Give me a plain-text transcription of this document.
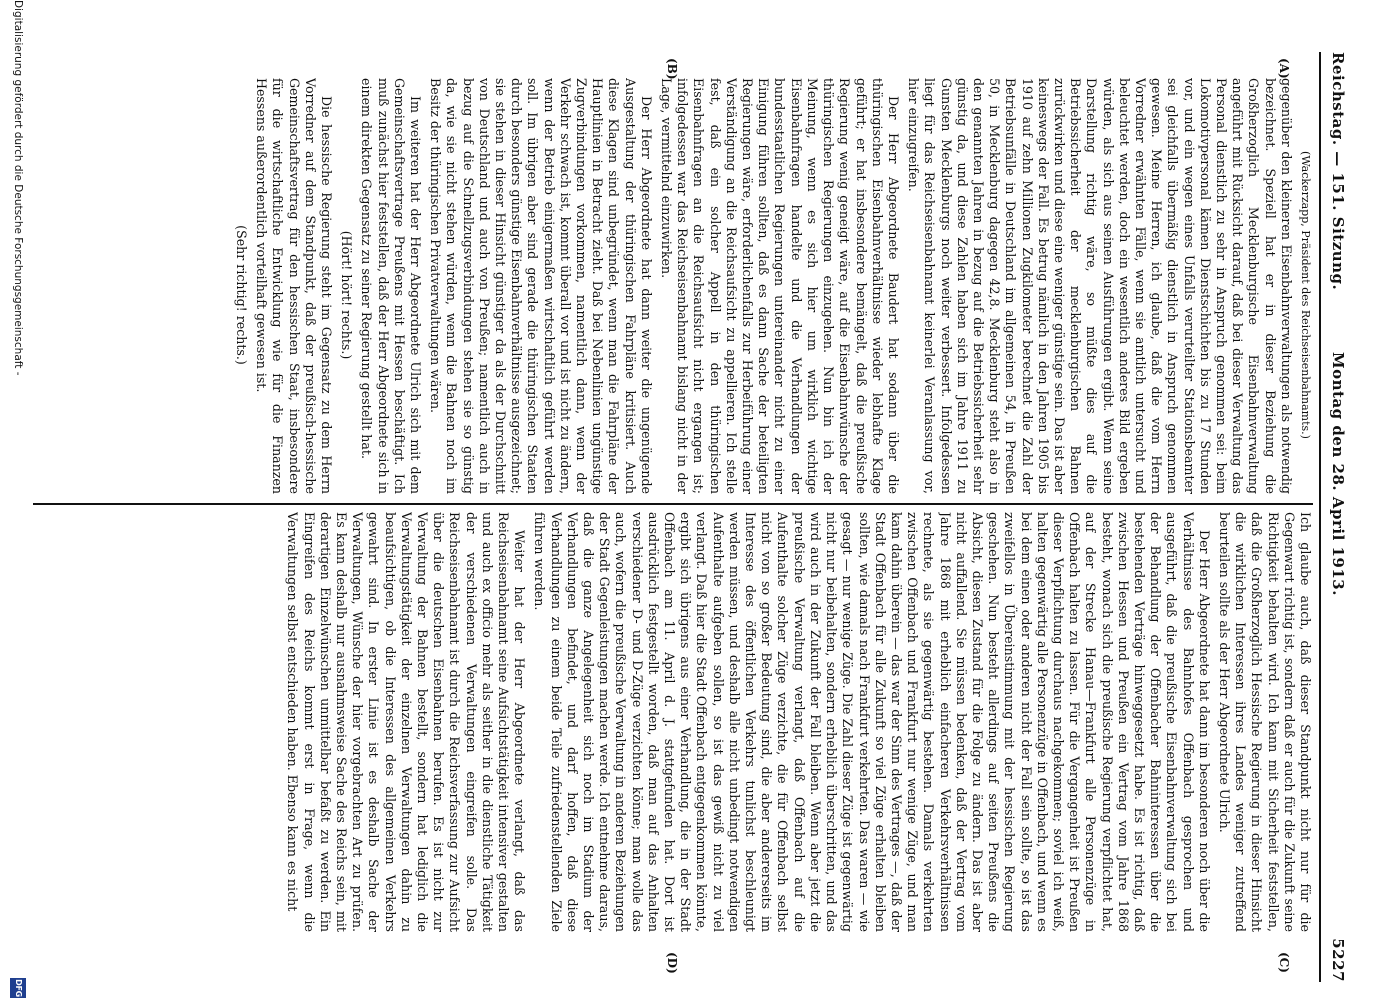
Reichstag. — 151. Sitzung.
Montag den 28. April 1913.
5227
(A)
(B)
(C)
(D)

(Wackerzapp, Präsident des Reichseisenbahnamts.)

gegenüber den kleineren Eisenbahnverwaltungen als notwendig bezeichnet. Speziell hat er in dieser Beziehung die Großherzoglich Mecklenburgische Eisenbahnverwaltung angeführt mit Rücksicht darauf, daß bei dieser Verwaltung das Personal dienstlich zu sehr in Anspruch genommen sei: beim Lokomotivpersonal kämen Dienstschichten bis zu 17 Stunden vor, und ein wegen eines Unfalls verurteilter Stationsbeamter sei gleichfalls übermäßig dienstlich in Anspruch genommen gewesen. Meine Herren, ich glaube, daß die vom Herrn Vorredner erwähnten Fälle, wenn sie amtlich untersucht und beleuchtet werden, doch ein wesentlich anderes Bild ergeben würden, als sich aus seinen Ausführungen ergibt. Wenn seine Darstellung richtig wäre, so müßte dies auf die Betriebssicherheit der mecklenburgischen Bahnen zurückwirken und diese eine weniger günstige sein. Das ist aber keineswegs der Fall. Es betrug nämlich in den Jahren 1905 bis 1910 auf zehn Millionen Zugkilometer berechnet die Zahl der Betriebsunfälle in Deutschland im allgemeinen 54, in Preußen 50, in Mecklenburg dagegen 42,8. Mecklenburg steht also in den genannten Jahren in bezug auf die Betriebssicherheit sehr günstig da, und diese Zahlen haben sich im Jahre 1911 zu Gunsten Mecklenburgs noch weiter verbessert. Infolgedessen liegt für das Reichseisenbahnamt keinerlei Veranlassung vor, hier einzugreifen.

Der Herr Abgeordnete Baudert hat sodann über die thüringischen Eisenbahnverhältnisse wieder lebhafte Klage geführt; er hat insbesondere bemängelt, daß die preußische Regierung wenig geneigt wäre, auf die Eisenbahnwünsche der thüringischen Regierungen einzugehen. Nun bin ich der Meinung, wenn es sich hier um wirklich wichtige Eisenbahnfragen handelte und die Verhandlungen der bundesstaatlichen Regierungen untereinander nicht zu einer Einigung führen sollten, daß es dann Sache der beteiligten Regierungen wäre, erforderlichenfalls zur Herbeiführung einer Verständigung an die Reichsaufsicht zu appellieren. Ich stelle fest, daß ein solcher Appell in den thüringischen Eisenbahnfragen an die Reichsaufsicht nicht ergangen ist; infolgedessen war das Reichseisenbahnamt bislang nicht in der Lage, vermittelnd einzuwirken.

Der Herr Abgeordnete hat dann weiter die ungenügende Ausgestaltung der thüringischen Fahrpläne kritisiert. Auch diese Klagen sind unbegründet, wenn man die Fahrpläne der Hauptlinien in Betracht zieht. Daß bei Nebenlinien ungünstige Zugverbindungen vorkommen, namentlich dann, wenn der Verkehr schwach ist, kommt überall vor und ist nicht zu ändern, wenn der Betrieb einigermaßen wirtschaftlich geführt werden soll. Im übrigen aber sind gerade die thüringischen Staaten durch besonders günstige Eisenbahnverhältnisse ausgezeichnet; sie stehen in dieser Hinsicht günstiger da als der Durchschnitt von Deutschland und auch von Preußen; namentlich auch in bezug auf die Schnellzugsverbindungen stehen sie so günstig da, wie sie nicht stehen würden, wenn die Bahnen noch im Besitz der thüringischen Privatverwaltungen wären.

Im weiteren hat der Herr Abgeordnete Ulrich sich mit dem Gemeinschaftsvertrage Preußens mit Hessen beschäftigt. Ich muß zunächst hier feststellen, daß der Herr Abgeordnete sich in einem direkten Gegensatz zu seiner Regierung gestellt hat.

(Hört! hört! rechts.)

Die hessische Regierung steht im Gegensatz zu dem Herrn Vorredner auf dem Standpunkt, daß der preußisch-hessische Gemeinschaftsvertrag für den hessischen Staat, insbesondere für die wirtschaftliche Entwicklung wie für die Finanzen Hessens außerordentlich vorteilhaft gewesen ist.

(Sehr richtig! rechts.)

Ich glaube auch, daß dieser Standpunkt nicht nur für die Gegenwart richtig ist, sondern daß er auch für die Zukunft seine Richtigkeit behalten wird. Ich kann mit Sicherheit feststellen, daß die Großherzoglich Hessische Regierung in dieser Hinsicht die wirklichen Interessen ihres Landes weniger zutreffend beurteilen sollte als der Herr Abgeordnete Ulrich.

Der Herr Abgeordnete hat dann im besonderen noch über die Verhältnisse des Bahnhofes Offenbach gesprochen und ausgeführt, daß die preußische Eisenbahnverwaltung sich bei der Behandlung der Offenbacher Bahninteressen über die bestehenden Verträge hinweggesetzt habe. Es ist richtig, daß zwischen Hessen und Preußen ein Vertrag vom Jahre 1868 besteht, wonach sich die preußische Regierung verpflichtet hat, auf der Strecke Hanau—Frankfurt alle Personenzüge in Offenbach halten zu lassen. Für die Vergangenheit ist Preußen dieser Verpflichtung durchaus nachgekommen; soviel ich weiß, halten gegenwärtig alle Personenzüge in Offenbach, und wenn es bei dem einen oder anderen nicht der Fall sein sollte, so ist das zweifellos in Übereinstimmung mit der hessischen Regierung geschehen. Nun besteht allerdings auf seiten Preußens die Absicht, diesen Zustand für die Folge zu ändern. Das ist aber nicht auffallend. Sie müssen bedenken, daß der Vertrag vom Jahre 1868 mit erheblich einfacheren Verkehrsverhältnissen rechnete, als sie gegenwärtig bestehen. Damals verkehrten zwischen Offenbach und Frankfurt nur wenige Züge, und man kam dahin überein — das war der Sinn des Vertrages —, daß der Stadt Offenbach für alle Zukunft so viel Züge erhalten bleiben sollten, wie damals nach Frankfurt verkehrten. Das waren — wie gesagt — nur wenige Züge. Die Zahl dieser Züge ist gegenwärtig nicht nur beibehalten, sondern erheblich überschritten, und das wird auch in der Zukunft der Fall bleiben. Wenn aber jetzt die preußische Verwaltung verlangt, daß Offenbach auf die Aufenthalte solcher Züge verzichte, die für Offenbach selbst nicht von so großer Bedeutung sind, die aber andererseits im Interesse des öffentlichen Verkehrs tunlichst beschleunigt werden müssen, und deshalb alle nicht unbedingt notwendigen Aufenthalte aufgeben sollen, so ist das gewiß nicht zu viel verlangt. Daß hier die Stadt Offenbach entgegenkommen könnte, ergibt sich übrigens aus einer Verhandlung, die in der Stadt Offenbach am 11. April d. J. stattgefunden hat. Dort ist ausdrücklich festgestellt worden, daß man auf das Anhalten verschiedener D- und D-Züge verzichten könne; man wolle das auch, wofern die preußische Verwaltung in anderen Beziehungen der Stadt Gegenleistungen machen werde. Ich entnehme daraus, daß die ganze Angelegenheit sich noch im Stadium der Verhandlungen befindet, und darf hoffen, daß diese Verhandlungen zu einem beide Teile zufriedenstellenden Ziele führen werden.

Weiter hat der Herr Abgeordnete verlangt, daß das Reichseisenbahnamt seine Aufsichtstätigkeit intensiver gestalten und auch ex officio mehr als seither in die dienstliche Tätigkeit der verschiedenen Verwaltungen eingreifen solle. Das Reichseisenbahnamt ist durch die Reichsverfassung zur Aufsicht über die deutschen Eisenbahnen berufen. Es ist nicht zur Verwaltung der Bahnen bestellt, sondern hat lediglich die Verwaltungstätigkeit der einzelnen Verwaltungen dahin zu beaufsichtigen, ob die Interessen des allgemeinen Verkehrs gewahrt sind. In erster Linie ist es deshalb Sache der Verwaltungen, Wünsche der hier vorgebrachten Art zu prüfen. Es kann deshalb nur ausnahmsweise Sache des Reichs sein, mit derartigen Einzelwünschen unmittelbar befaßt zu werden. Ein Eingreifen des Reichs kommt erst in Frage, wenn die Verwaltungen selbst entschieden haben. Ebenso kann es nicht

Digitalisierung gefördert durch die Deutsche Forschungsgemeinschaft -
DFG
